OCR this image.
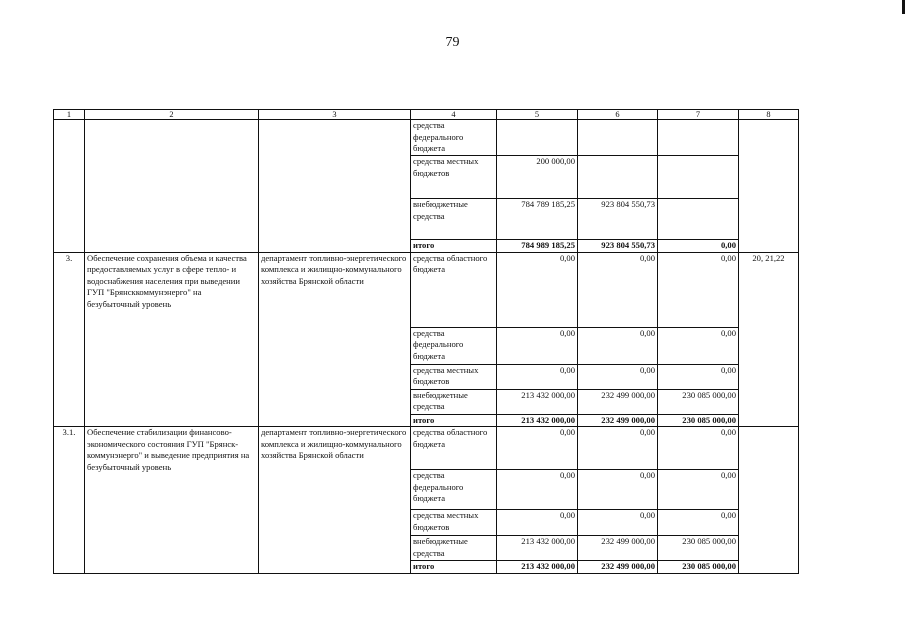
79
1	2	3	4	5	6	7	8
			средства федерального бюджета				
			средства местных бюджетов	200 000,00			
			внебюджетные средства	784 789 185,25	923 804 550,73		
			итого	784 989 185,25	923 804 550,73	0,00	
3.	Обеспечение сохранения объема и качества предоставляемых услуг в сфере тепло- и водоснабжения населения при выведении ГУП "Брянсккоммунэнерго" на безубыточный уровень	департамент топливно-энергетического комплекса и жилищно-коммунального хозяйства Брянской области	средства областного бюджета	0,00	0,00	0,00	20, 21,22
			средства федерального бюджета	0,00	0,00	0,00	
			средства местных бюджетов	0,00	0,00	0,00	
			внебюджетные средства	213 432 000,00	232 499 000,00	230 085 000,00	
			итого	213 432 000,00	232 499 000,00	230 085 000,00	
3.1.	Обеспечение стабилизации финансово-экономического состояния ГУП "Брянск-коммунэнерго" и выведение предприятия на безубыточный уровень	департамент топливно-энергетического комплекса и жилищно-коммунального хозяйства Брянской области	средства областного бюджета	0,00	0,00	0,00	
			средства федерального бюджета	0,00	0,00	0,00	
			средства местных бюджетов	0,00	0,00	0,00	
			внебюджетные средства	213 432 000,00	232 499 000,00	230 085 000,00	
			итого	213 432 000,00	232 499 000,00	230 085 000,00	
